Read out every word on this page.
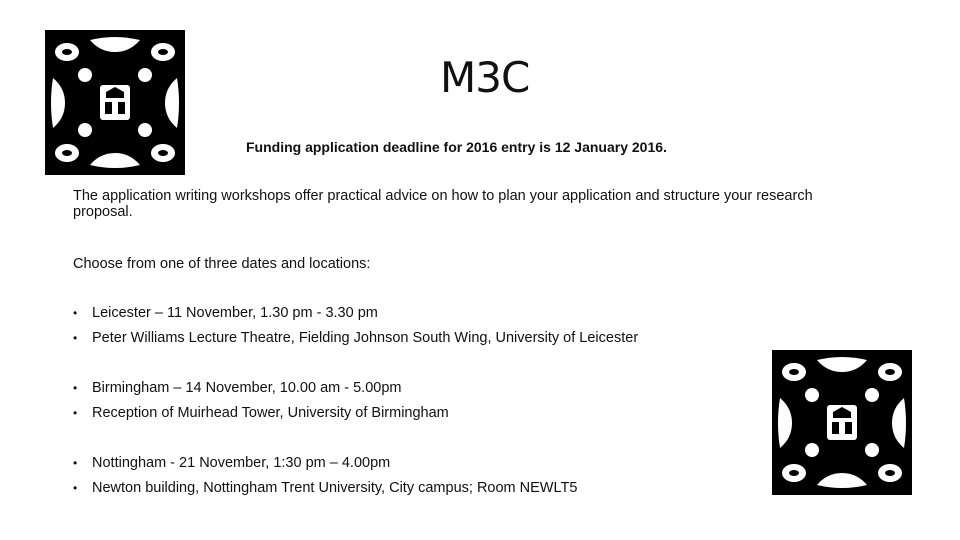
M3C
Funding application deadline for 2016 entry is 12 January 2016.
The application writing workshops offer practical advice on how to plan your application and structure your research proposal.
Choose from one of three dates and locations:
• Leicester – 11 November, 1.30 pm - 3.30 pm
• Peter Williams Lecture Theatre, Fielding Johnson South Wing, University of Leicester
• Birmingham – 14 November, 10.00 am - 5.00pm
• Reception of Muirhead Tower, University of Birmingham
• Nottingham - 21 November, 1:30 pm – 4.00pm
• Newton building, Nottingham Trent University, City campus; Room NEWLT5
